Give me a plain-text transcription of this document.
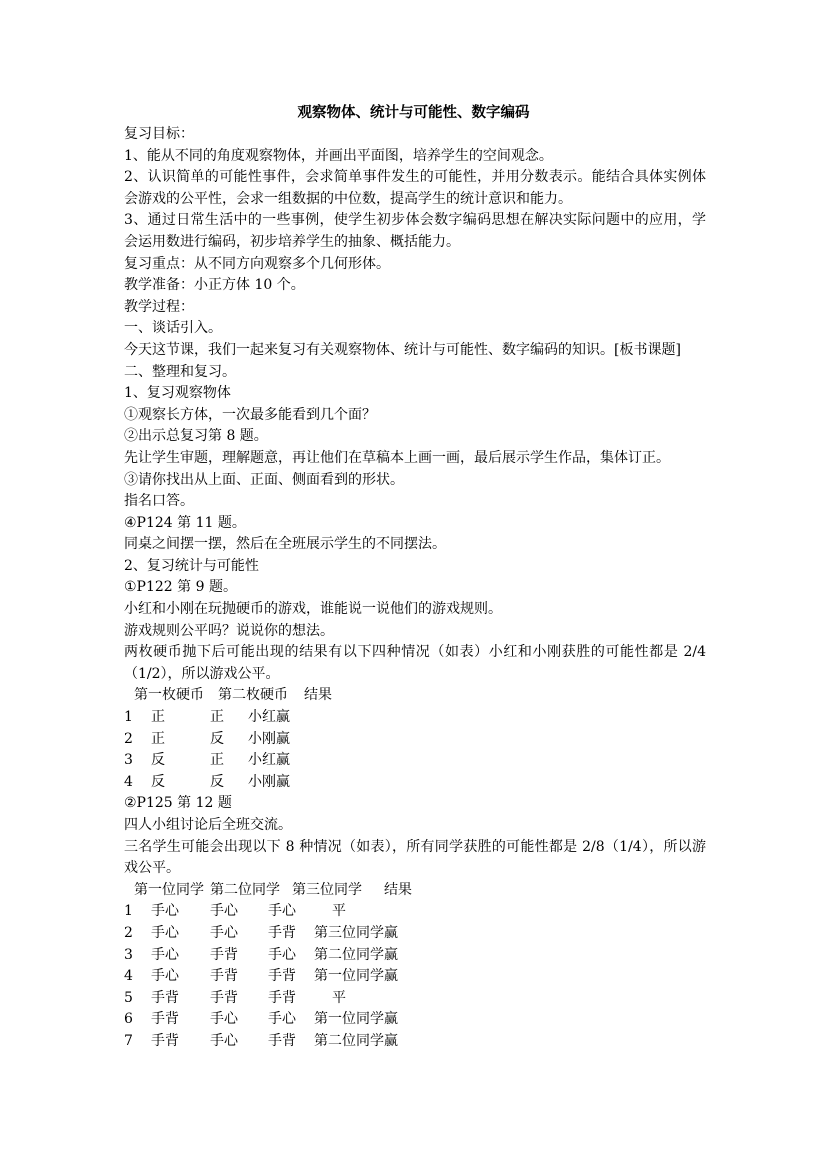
观察物体、统计与可能性、数字编码

复习目标：

1、能从不同的角度观察物体，并画出平面图，培养学生的空间观念。

2、认识简单的可能性事件，会求简单事件发生的可能性，并用分数表示。能结合具体实例体会游戏的公平性，会求一组数据的中位数，提高学生的统计意识和能力。

3、通过日常生活中的一些事例，使学生初步体会数字编码思想在解决实际问题中的应用，学会运用数进行编码，初步培养学生的抽象、概括能力。

复习重点：从不同方向观察多个几何形体。

教学准备：小正方体 10 个。

教学过程：

一、谈话引入。

今天这节课，我们一起来复习有关观察物体、统计与可能性、数字编码的知识。[板书课题]

二、整理和复习。

1、复习观察物体

①观察长方体，一次最多能看到几个面？

②出示总复习第 8 题。

先让学生审题，理解题意，再让他们在草稿本上画一画，最后展示学生作品，集体订正。

③请你找出从上面、正面、侧面看到的形状。

指名口答。

④P124 第 11 题。

同桌之间摆一摆，然后在全班展示学生的不同摆法。

2、复习统计与可能性

①P122 第 9 题。

小红和小刚在玩抛硬币的游戏，谁能说一说他们的游戏规则。

游戏规则公平吗？说说你的想法。

两枚硬币抛下后可能出现的结果有以下四种情况（如表）小红和小刚获胜的可能性都是 2/4（1/2），所以游戏公平。

第一枚硬币 第二枚硬币 结果
1 正	正 小红赢
2 正	反 小刚赢
3 反	正 小红赢
4 反	反 小刚赢

②P125 第 12 题

四人小组讨论后全班交流。

三名学生可能会出现以下 8 种情况（如表），所有同学获胜的可能性都是 2/8（1/4），所以游戏公平。

第一位同学 第二位同学 第三位同学 结果
1 手心 手心 手心	平
2 手心 手心 手背 第三位同学赢
3 手心 手背 手心 第二位同学赢
4 手心 手背 手背 第一位同学赢
5 手背 手背 手背	平
6 手背 手心 手心 第一位同学赢
7 手背 手心 手背 第二位同学赢
